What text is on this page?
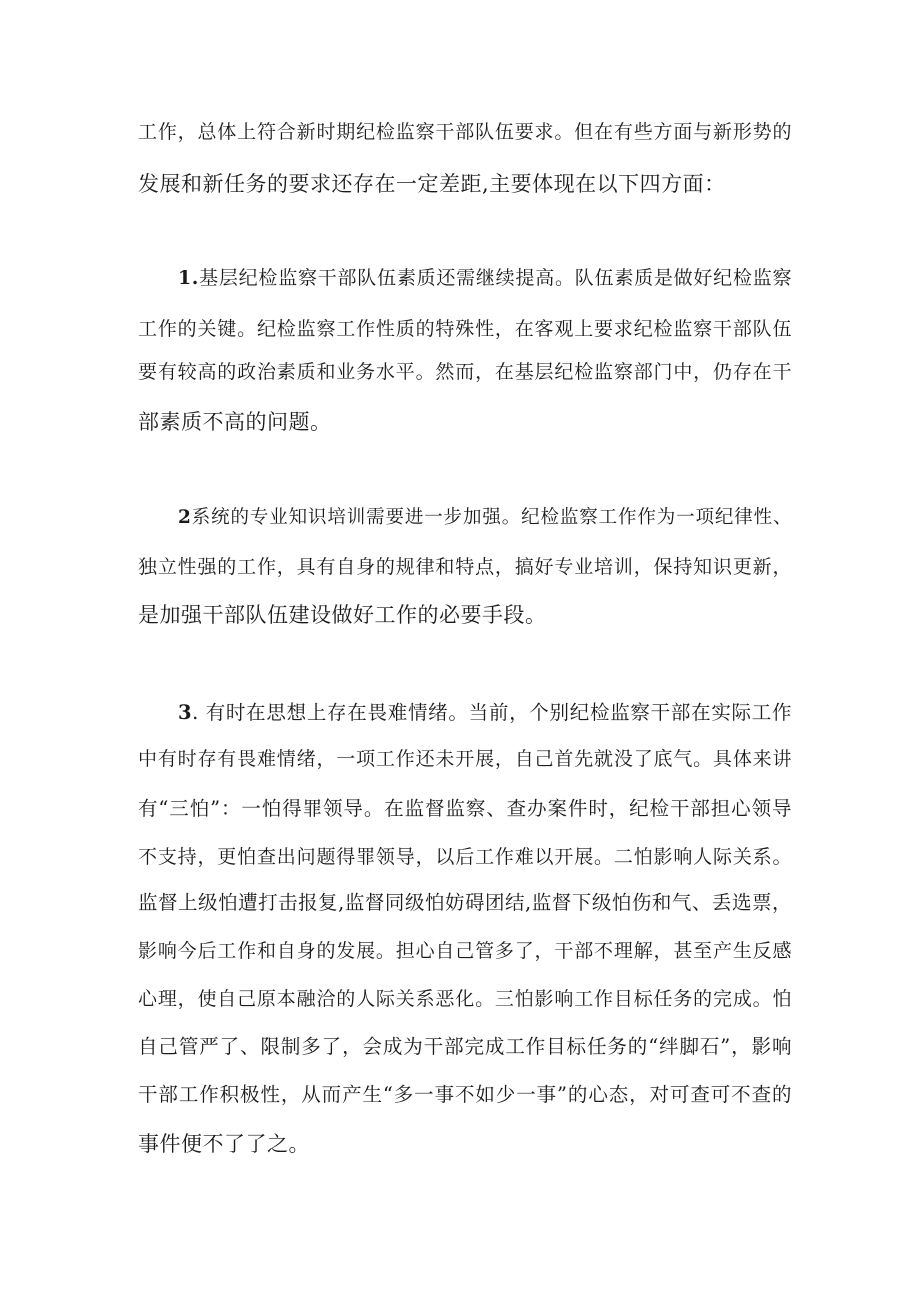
工作，总体上符合新时期纪检监察干部队伍要求。但在有些方面与新形势的
发展和新任务的要求还存在一定差距,主要体现在以下四方面：
1.基层纪检监察干部队伍素质还需继续提高。队伍素质是做好纪检监察
工作的关键。纪检监察工作性质的特殊性，在客观上要求纪检监察干部队伍
要有较高的政治素质和业务水平。然而，在基层纪检监察部门中，仍存在干
部素质不高的问题。
2系统的专业知识培训需要进一步加强。纪检监察工作作为一项纪律性、
独立性强的工作，具有自身的规律和特点，搞好专业培训，保持知识更新，
是加强干部队伍建设做好工作的必要手段。
3. 有时在思想上存在畏难情绪。当前，个别纪检监察干部在实际工作
中有时存有畏难情绪，一项工作还未开展，自己首先就没了底气。具体来讲
有“三怕”：一怕得罪领导。在监督监察、查办案件时，纪检干部担心领导
不支持，更怕查出问题得罪领导，以后工作难以开展。二怕影响人际关系。
监督上级怕遭打击报复,监督同级怕妨碍团结,监督下级怕伤和气、丢选票，
影响今后工作和自身的发展。担心自己管多了，干部不理解，甚至产生反感
心理，使自己原本融洽的人际关系恶化。三怕影响工作目标任务的完成。怕
自己管严了、限制多了，会成为干部完成工作目标任务的“绊脚石”，影响
干部工作积极性，从而产生“多一事不如少一事”的心态，对可查可不查的
事件便不了了之。
